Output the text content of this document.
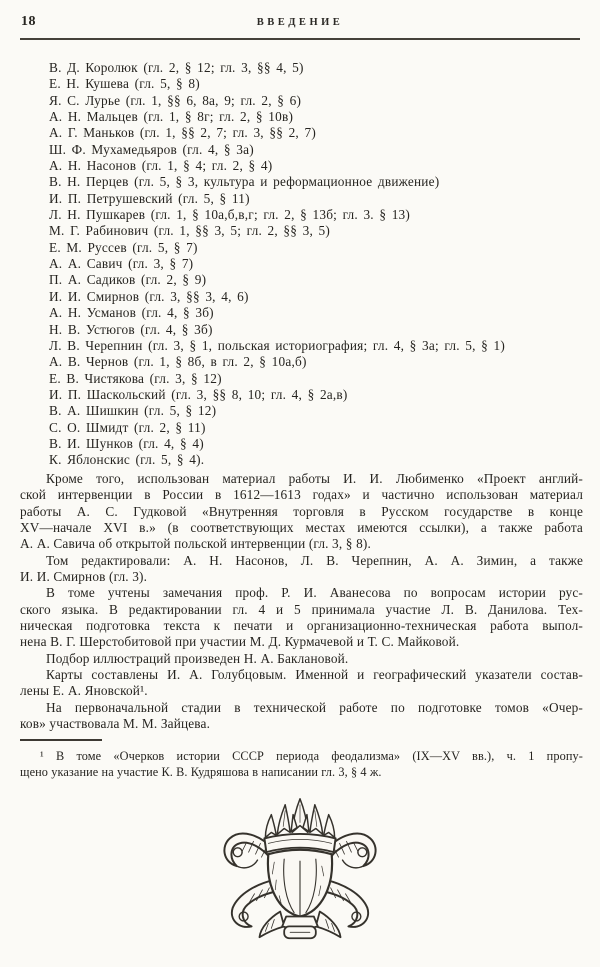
18	ВВЕДЕНИЕ
В. Д. Королюк (гл. 2, § 12; гл. 3, §§ 4, 5)
Е. Н. Кушева (гл. 5, § 8)
Я. С. Лурье (гл. 1, §§ 6, 8а, 9; гл. 2, § 6)
А. Н. Мальцев (гл. 1, § 8г; гл. 2, § 10в)
А. Г. Маньков (гл. 1, §§ 2, 7; гл. 3, §§ 2, 7)
Ш. Ф. Мухамедьяров (гл. 4, § 3а)
А. Н. Насонов (гл. 1, § 4; гл. 2, § 4)
В. Н. Перцев (гл. 5, § 3, культура и реформационное движение)
И. П. Петрушевский (гл. 5, § 11)
Л. Н. Пушкарев (гл. 1, § 10а,б,в,г; гл. 2, § 13б; гл. 3. § 13)
М. Г. Рабинович (гл. 1, §§ 3, 5; гл. 2, §§ 3, 5)
Е. М. Руссев (гл. 5, § 7)
А. А. Савич (гл. 3, § 7)
П. А. Садиков (гл. 2, § 9)
И. И. Смирнов (гл. 3, §§ 3, 4, 6)
А. Н. Усманов (гл. 4, § 3б)
Н. В. Устюгов (гл. 4, § 3б)
Л. В. Черепнин (гл. 3, § 1, польская историография; гл. 4, § 3а; гл. 5, § 1)
А. В. Чернов (гл. 1, § 8б, в гл. 2, § 10а,б)
Е. В. Чистякова (гл. 3, § 12)
И. П. Шаскольский (гл. 3, §§ 8, 10; гл. 4, § 2а,в)
В. А. Шишкин (гл. 5, § 12)
С. О. Шмидт (гл. 2, § 11)
В. И. Шунков (гл. 4, § 4)
К. Яблонскис (гл. 5, § 4).
Кроме того, использован материал работы И. И. Любименко «Проект англий-
ской интервенции в России в 1612—1613 годах» и частично использован материал
работы А. С. Гудковой «Внутренняя торговля в Русском государстве в конце
XV—начале XVI в.» (в соответствующих местах имеются ссылки), а также работа
А. А. Савича об открытой польской интервенции (гл. 3, § 8).
Том редактировали: А. Н. Насонов, Л. В. Черепнин, А. А. Зимин, а также
И. И. Смирнов (гл. 3).
В томе учтены замечания проф. Р. И. Аванесова по вопросам истории рус-
ского языка. В редактировании гл. 4 и 5 принимала участие Л. В. Данилова. Тех-
ническая подготовка текста к печати и организационно-техническая работа выпол-
нена В. Г. Шерстобитовой при участии М. Д. Курмачевой и Т. С. Майковой.
Подбор иллюстраций произведен Н. А. Баклановой.
Карты составлены И. А. Голубцовым. Именной и географический указатели состав-
лены Е. А. Яновской¹.
На первоначальной стадии в технической работе по подготовке томов «Очер-
ков» участвовала М. М. Зайцева.
¹ В томе «Очерков истории СССР периода феодализма» (IX—XV вв.), ч. 1 пропу-
щено указание на участие К. В. Кудряшова в написании гл. 3, § 4 ж.
